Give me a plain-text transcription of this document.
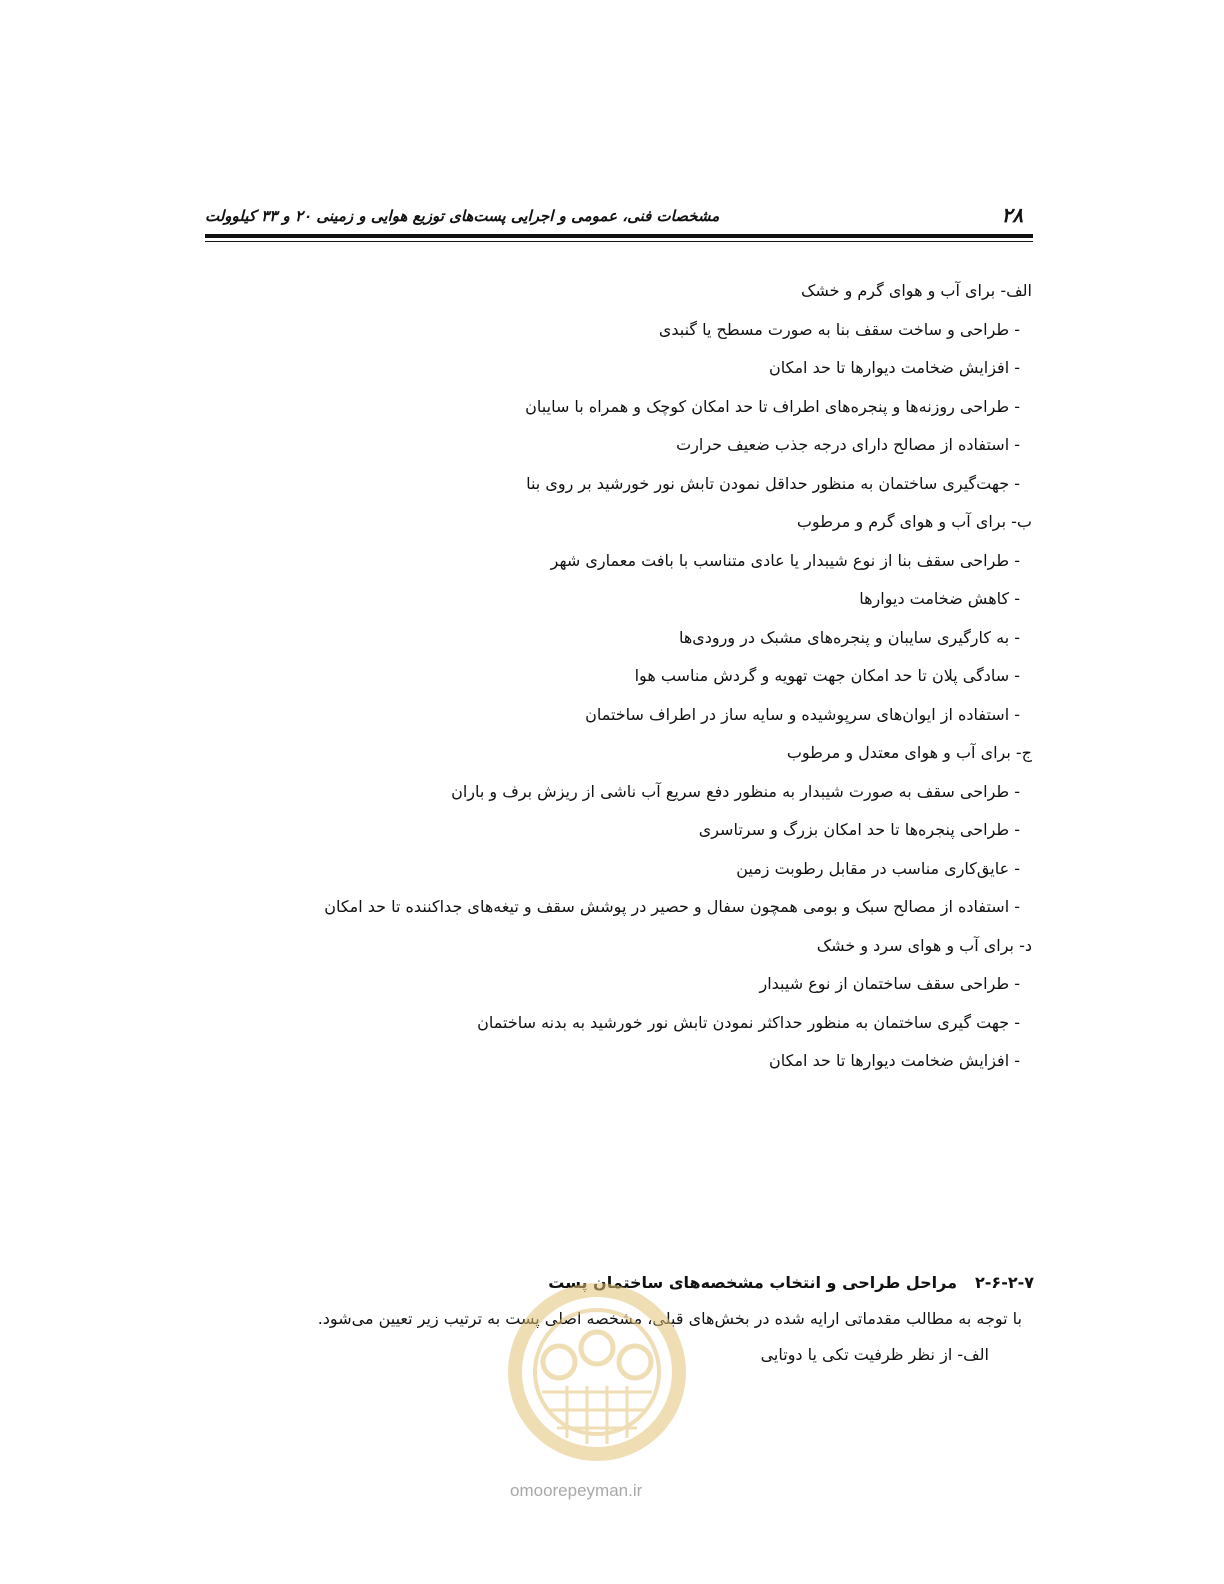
۲۸
مشخصات فنی، عمومی و اجرایی پست‌های توزیع هوایی و زمینی ۲۰ و ۳۳ کیلوولت
الف- برای آب و هوای گرم و خشک
- طراحی و ساخت سقف بنا به صورت مسطح یا گنبدی
- افزایش ضخامت دیوارها تا حد امکان
- طراحی روزنه‌ها و پنجره‌های اطراف تا حد امکان کوچک و همراه با سایبان
- استفاده از مصالح دارای درجه جذب ضعیف حرارت
- جهت‌گیری ساختمان به منظور حداقل نمودن تابش نور خورشید بر روی بنا
ب- برای آب و هوای گرم و مرطوب
- طراحی سقف بنا از نوع شیبدار یا عادی متناسب با بافت معماری شهر
- کاهش ضخامت دیوارها
- به کارگیری سایبان و پنجره‌های مشبک در ورودی‌ها
- سادگی پلان تا حد امکان جهت تهویه و گردش مناسب هوا
- استفاده از ایوان‌های سرپوشیده و سایه ساز در اطراف ساختمان
ج- برای آب و هوای معتدل و مرطوب
- طراحی سقف به صورت شیبدار به منظور دفع سریع آب ناشی از ریزش برف و باران
- طراحی پنجره‌ها تا حد امکان بزرگ و سرتاسری
- عایق‌کاری مناسب در مقابل رطوبت زمین
- استفاده از مصالح سبک و بومی همچون سفال و حصیر در پوشش سقف و تیغه‌های جداکننده تا حد امکان
د- برای آب و هوای سرد و خشک
- طراحی سقف ساختمان از نوع شیبدار
- جهت گیری ساختمان به منظور حداکثر نمودن تابش نور خورشید به بدنه ساختمان
- افزایش ضخامت دیوارها تا حد امکان
۲-۶-۲-۷مراحل طراحی و انتخاب مشخصه‌های ساختمان پست
با توجه به مطالب مقدماتی ارایه شده در بخش‌های قبلی، مشخصه اصلی پست به ترتیب زیر تعیین می‌شود.
الف- از نظر ظرفیت تکی یا دوتایی
omoorepeyman.ir
